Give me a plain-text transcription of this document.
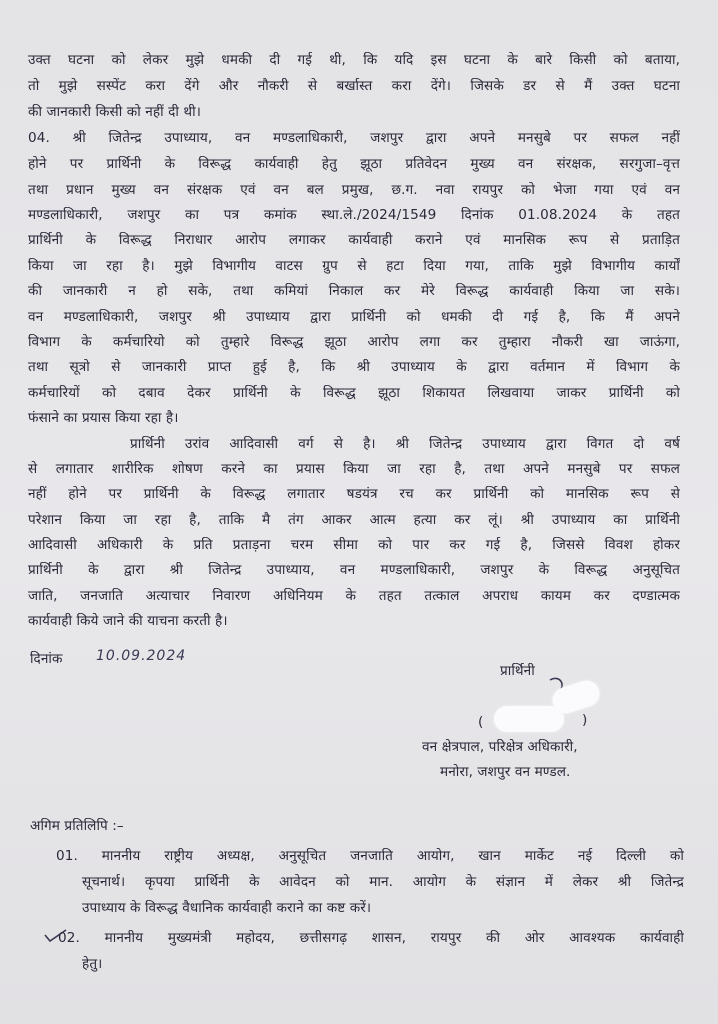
उक्त घटना को लेकर मुझे धमकी दी गई थी, कि यदि इस घटना के बारे किसी को बताया,
तो मुझे सस्पेंट करा देंगे और नौकरी से बर्खास्त करा देंगे। जिसके डर से मैं उक्त घटना
की जानकारी किसी को नहीं दी थी।
04. श्री जितेन्द्र उपाध्याय, वन मण्डलाधिकारी, जशपुर द्वारा अपने मनसुबे पर सफल नहीं
होने पर प्रार्थिनी के विरूद्ध कार्यवाही हेतु झूठा प्रतिवेदन मुख्य वन संरक्षक, सरगुजा–वृत्त
तथा प्रधान मुख्य वन संरक्षक एवं वन बल प्रमुख, छ.ग. नवा रायपुर को भेजा गया एवं वन
मण्डलाधिकारी, जशपुर का पत्र कमांक स्था.ले./2024/1549 दिनांक 01.08.2024 के तहत
प्रार्थिनी के विरूद्ध निराधार आरोप लगाकर कार्यवाही कराने एवं मानसिक रूप से प्रताड़ित
किया जा रहा है। मुझे विभागीय वाटस ग्रुप से हटा दिया गया, ताकि मुझे विभागीय कार्यों
की जानकारी न हो सके, तथा कमियां निकाल कर मेरे विरूद्ध कार्यवाही किया जा सके।
वन मण्डलाधिकारी, जशपुर श्री उपाध्याय द्वारा प्रार्थिनी को धमकी दी गई है, कि मैं अपने
विभाग के कर्मचारियो को तुम्हारे विरूद्ध झूठा आरोप लगा कर तुम्हारा नौकरी खा जाऊंगा,
तथा सूत्रो से जानकारी प्राप्त हुई है, कि श्री उपाध्याय के द्वारा वर्तमान में विभाग के
कर्मचारियों को दबाव देकर प्रार्थिनी के विरूद्ध झूठा शिकायत लिखवाया जाकर प्रार्थिनी को
फंसाने का प्रयास किया रहा है।
प्रार्थिनी उरांव आदिवासी वर्ग से है। श्री जितेन्द्र उपाध्याय द्वारा विगत दो वर्ष
से लगातार शारीरिक शोषण करने का प्रयास किया जा रहा है, तथा अपने मनसुबे पर सफल
नहीं होने पर प्रार्थिनी के विरूद्ध लगातार षडयंत्र रच कर प्रार्थिनी को मानसिक रूप से
परेशान किया जा रहा है, ताकि मै तंग आकर आत्म हत्या कर लूं। श्री उपाध्याय का प्रार्थिनी
आदिवासी अधिकारी के प्रति प्रताड़ना चरम सीमा को पार कर गई है, जिससे विवश होकर
प्रार्थिनी के द्वारा श्री जितेन्द्र उपाध्याय, वन मण्डलाधिकारी, जशपुर के विरूद्ध अनुसूचित
जाति, जनजाति अत्याचार निवारण अधिनियम के तहत तत्काल अपराध कायम कर दण्डात्मक
कार्यवाही किये जाने की याचना करती है।
दिनांक	10.09.2024
प्रार्थिनी
(	)
वन क्षेत्रपाल, परिक्षेत्र अधिकारी,
मनोरा, जशपुर वन मण्डल.
अगिम प्रतिलिपि :–
01. माननीय राष्ट्रीय अध्यक्ष, अनुसूचित जनजाति आयोग, खान मार्केट नई दिल्ली को
सूचनार्थ। कृपया प्रार्थिनी के आवेदन को मान. आयोग के संज्ञान में लेकर श्री जितेन्द्र
उपाध्याय के विरूद्ध वैधानिक कार्यवाही कराने का कष्ट करें।
02. माननीय मुख्यमंत्री महोदय, छत्तीसगढ़ शासन, रायपुर की ओर आवश्यक कार्यवाही
हेतु।
